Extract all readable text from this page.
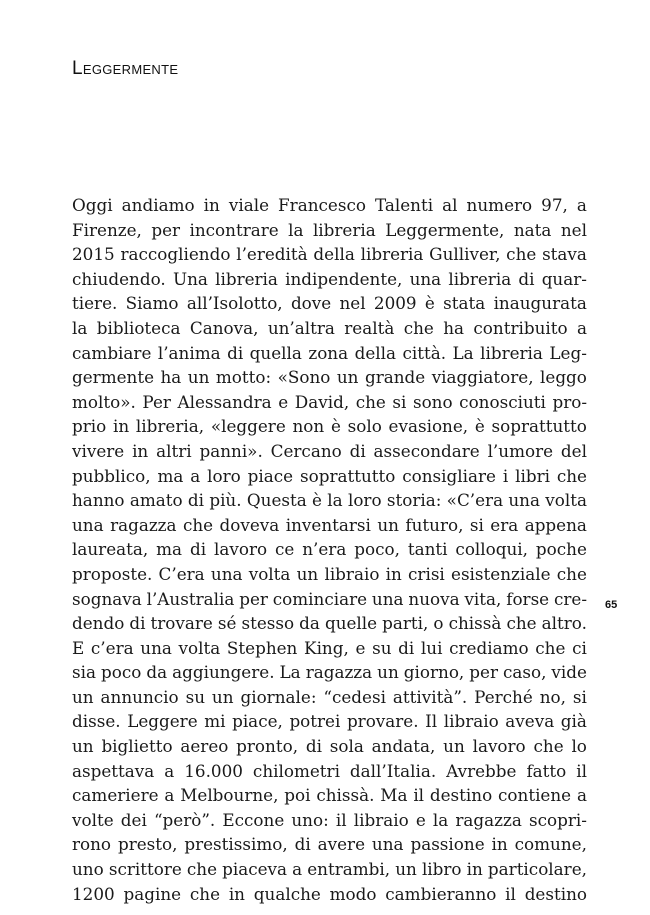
Leggermente
Oggi andiamo in viale Francesco Talenti al numero 97, a
Firenze, per incontrare la libreria Leggermente, nata nel
2015 raccogliendo l’eredità della libreria Gulliver, che stava
chiudendo. Una libreria indipendente, una libreria di quar-
tiere. Siamo all’Isolotto, dove nel 2009 è stata inaugurata
la biblioteca Canova, un’altra realtà che ha contribuito a
cambiare l’anima di quella zona della città. La libreria Leg-
germente ha un motto: «Sono un grande viaggiatore, leggo
molto». Per Alessandra e David, che si sono conosciuti pro-
prio in libreria, «leggere non è solo evasione, è soprattutto
vivere in altri panni». Cercano di assecondare l’umore del
pubblico, ma a loro piace soprattutto consigliare i libri che
hanno amato di più. Questa è la loro storia: «C’era una volta
una ragazza che doveva inventarsi un futuro, si era appena
laureata, ma di lavoro ce n’era poco, tanti colloqui, poche
proposte. C’era una volta un libraio in crisi esistenziale che
sognava l’Australia per cominciare una nuova vita, forse cre-
dendo di trovare sé stesso da quelle parti, o chissà che altro.
E c’era una volta Stephen King, e su di lui crediamo che ci
sia poco da aggiungere. La ragazza un giorno, per caso, vide
un annuncio su un giornale: “cedesi attività”. Perché no, si
disse. Leggere mi piace, potrei provare. Il libraio aveva già
un biglietto aereo pronto, di sola andata, un lavoro che lo
aspettava a 16.000 chilometri dall’Italia. Avrebbe fatto il
cameriere a Melbourne, poi chissà. Ma il destino contiene a
volte dei “però”. Eccone uno: il libraio e la ragazza scopri-
rono presto, prestissimo, di avere una passione in comune,
uno scrittore che piaceva a entrambi, un libro in particolare,
1200 pagine che in qualche modo cambieranno il destino
65
